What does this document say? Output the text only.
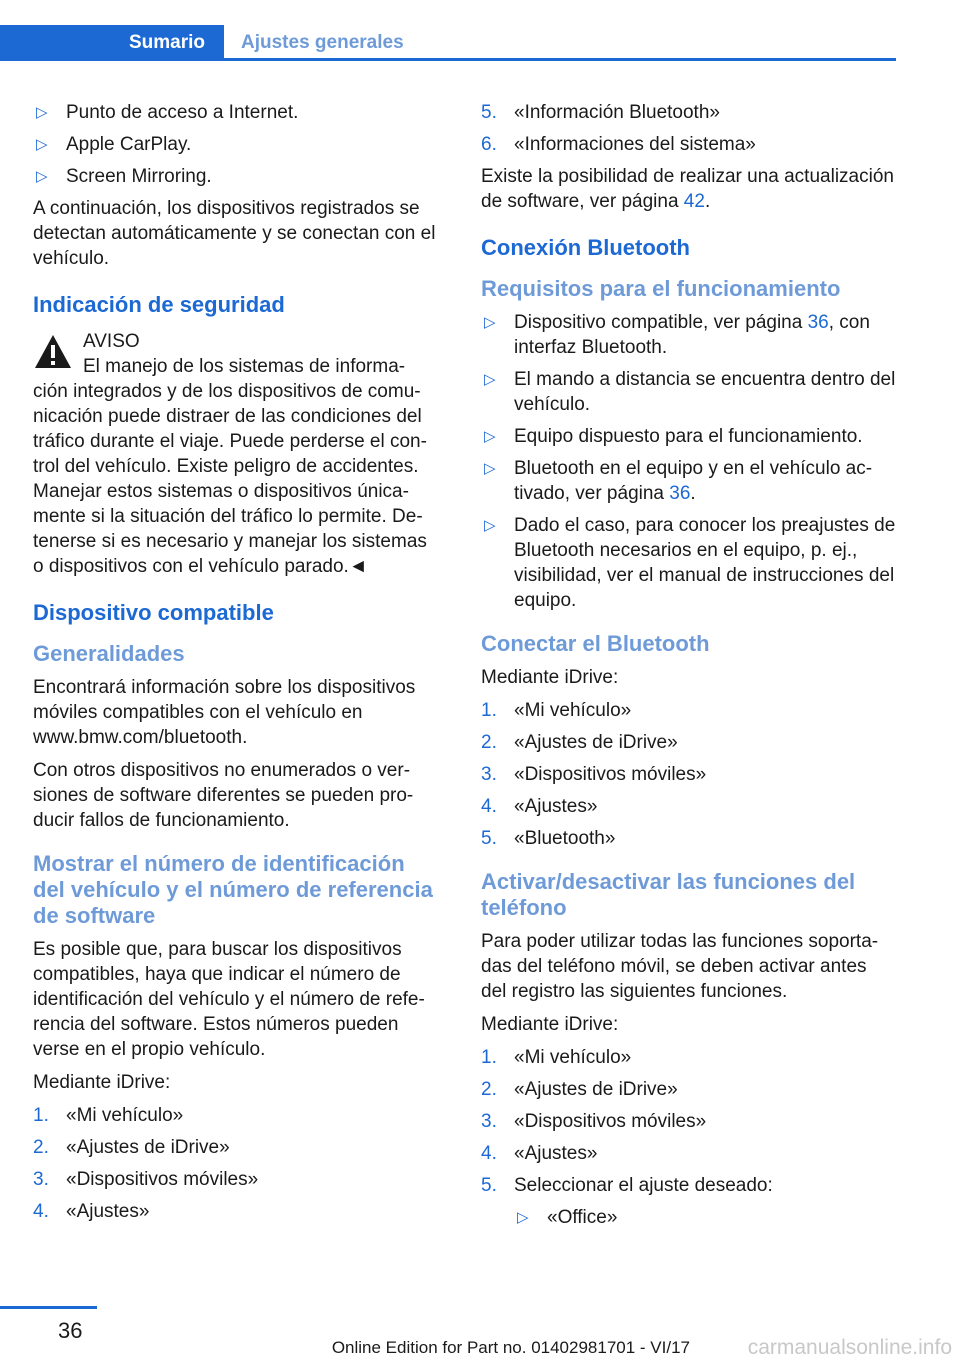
Sumario	Ajustes generales
▷ Punto de acceso a Internet.
▷ Apple CarPlay.
▷ Screen Mirroring.

A continuación, los dispositivos registrados se detectan automáticamente y se conectan con el vehículo.

Indicación de seguridad
AVISO
El manejo de los sistemas de informa-
ción integrados y de los dispositivos de comunicación puede distraer de las condiciones del tráfico durante el viaje. Puede perderse el control del vehículo. Existe peligro de accidentes. Manejar estos sistemas o dispositivos únicamente si la situación del tráfico lo permite. Detenerse si es necesario y manejar los sistemas o dispositivos con el vehículo parado.◄
Dispositivo compatible
Generalidades

Encontrará información sobre los dispositivos móviles compatibles con el vehículo en www.bmw.com/bluetooth.

Con otros dispositivos no enumerados o versiones de software diferentes se pueden producir fallos de funcionamiento.

Mostrar el número de identificación del vehículo y el número de referencia de software

Es posible que, para buscar los dispositivos compatibles, haya que indicar el número de identificación del vehículo y el número de referencia del software. Estos números pueden verse en el propio vehículo.

Mediante iDrive:

1. «Mi vehículo»
2. «Ajustes de iDrive»
3. «Dispositivos móviles»
4. «Ajustes»
5. «Información Bluetooth»
6. «Informaciones del sistema»

Existe la posibilidad de realizar una actualización de software, ver página 42.

Conexión Bluetooth
Requisitos para el funcionamiento
▷ Dispositivo compatible, ver página 36, con interfaz Bluetooth.
▷ El mando a distancia se encuentra dentro del vehículo.
▷ Equipo dispuesto para el funcionamiento.
▷ Bluetooth en el equipo y en el vehículo activado, ver página 36.
▷ Dado el caso, para conocer los preajustes de Bluetooth necesarios en el equipo, p. ej., visibilidad, ver el manual de instrucciones del equipo.
Conectar el Bluetooth

Mediante iDrive:

1. «Mi vehículo»
2. «Ajustes de iDrive»
3. «Dispositivos móviles»
4. «Ajustes»
5. «Bluetooth»
Activar/desactivar las funciones del teléfono

Para poder utilizar todas las funciones soportadas del teléfono móvil, se deben activar antes del registro las siguientes funciones.

Mediante iDrive:

1. «Mi vehículo»
2. «Ajustes de iDrive»
3. «Dispositivos móviles»
4. «Ajustes»
5. Seleccionar el ajuste deseado:
▷ «Office»
36
Online Edition for Part no. 01402981701 - VI/17	carmanualsonline.info
